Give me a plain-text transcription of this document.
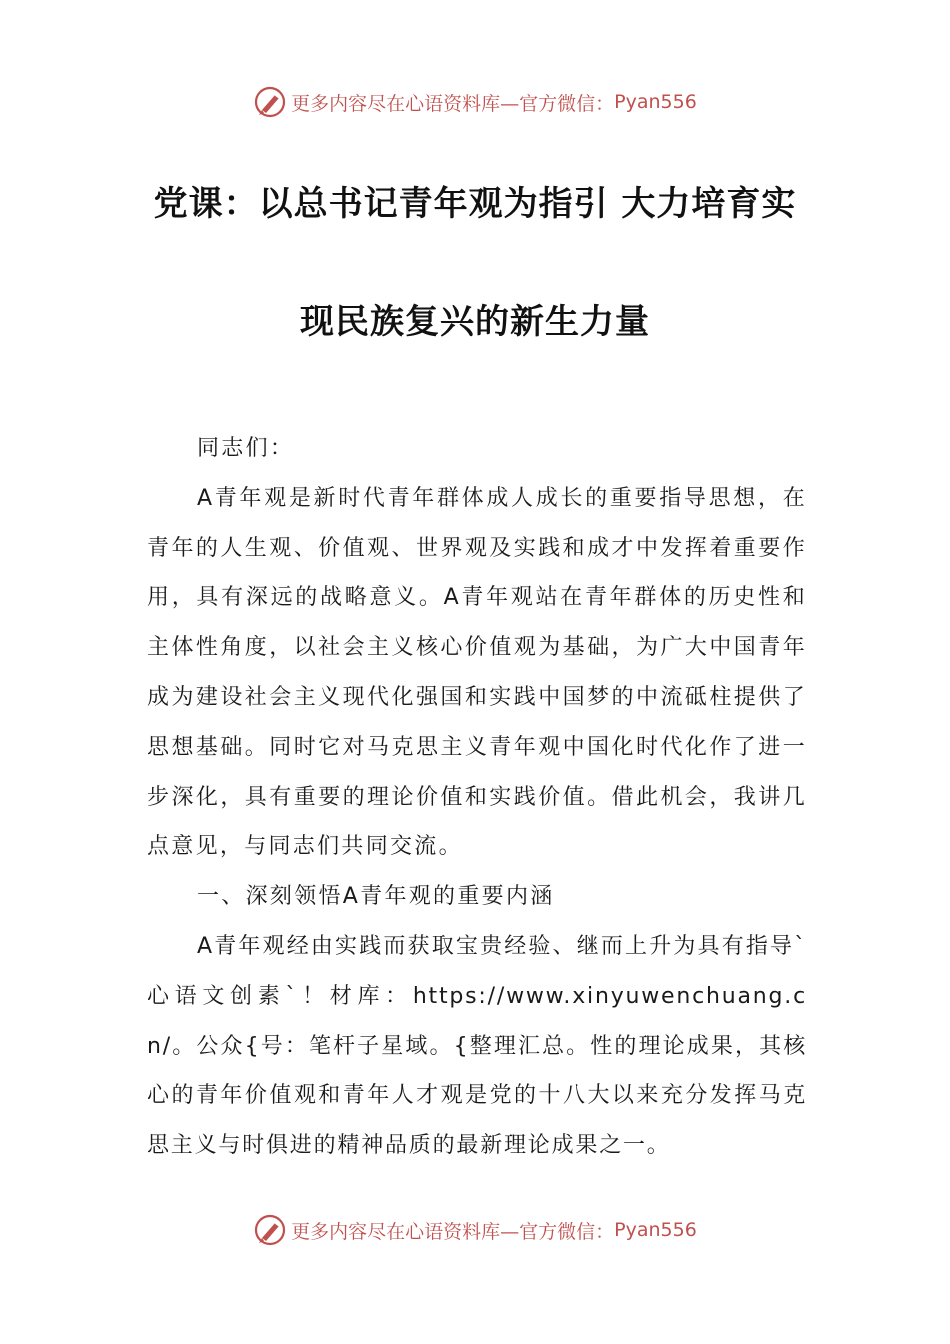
更多内容尽在心语资料库—官方微信： Pyan556
党课：以总书记青年观为指引 大力培育实
现民族复兴的新生力量

同志们：

A青年观是新时代青年群体成人成长的重要指导思想，在青年的人生观、价值观、世界观及实践和成才中发挥着重要作用，具有深远的战略意义。A青年观站在青年群体的历史性和主体性角度，以社会主义核心价值观为基础，为广大中国青年成为建设社会主义现代化强国和实践中国梦的中流砥柱提供了思想基础。同时它对马克思主义青年观中国化时代化作了进一步深化，具有重要的理论价值和实践价值。借此机会，我讲几点意见，与同志们共同交流。

一、深刻领悟A青年观的重要内涵

A青年观经由实践而获取宝贵经验、继而上升为具有指导`心语文创素`！材库：https://www.xinyuwenchuang.cn/。公众{号：笔杆子星域。{整理汇总。性的理论成果，其核心的青年价值观和青年人才观是党的十八大以来充分发挥马克思主义与时俱进的精神品质的最新理论成果之一。

更多内容尽在心语资料库—官方微信： Pyan556
